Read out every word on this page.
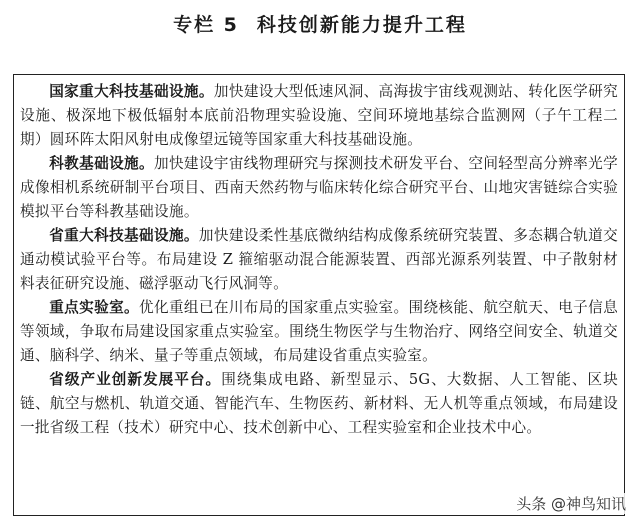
专栏 5 科技创新能力提升工程

国家重大科技基础设施。加快建设大型低速风洞、高海拔宇宙线观测站、转化医学研究设施、极深地下极低辐射本底前沿物理实验设施、空间环境地基综合监测网（子午工程二期）圆环阵太阳风射电成像望远镜等国家重大科技基础设施。

科教基础设施。加快建设宇宙线物理研究与探测技术研发平台、空间轻型高分辨率光学成像相机系统研制平台项目、西南天然药物与临床转化综合研究平台、山地灾害链综合实验模拟平台等科教基础设施。

省重大科技基础设施。加快建设柔性基底微纳结构成像系统研究装置、多态耦合轨道交通动模试验平台等。布局建设 Z 箍缩驱动混合能源装置、西部光源系列装置、中子散射材料表征研究设施、磁浮驱动飞行风洞等。

重点实验室。优化重组已在川布局的国家重点实验室。围绕核能、航空航天、电子信息等领域，争取布局建设国家重点实验室。围绕生物医学与生物治疗、网络空间安全、轨道交通、脑科学、纳米、量子等重点领域，布局建设省重点实验室。

省级产业创新发展平台。围绕集成电路、新型显示、5G、大数据、人工智能、区块链、航空与燃机、轨道交通、智能汽车、生物医药、新材料、无人机等重点领域，布局建设一批省级工程（技术）研究中心、技术创新中心、工程实验室和企业技术中心。

头条 @神鸟知讯
